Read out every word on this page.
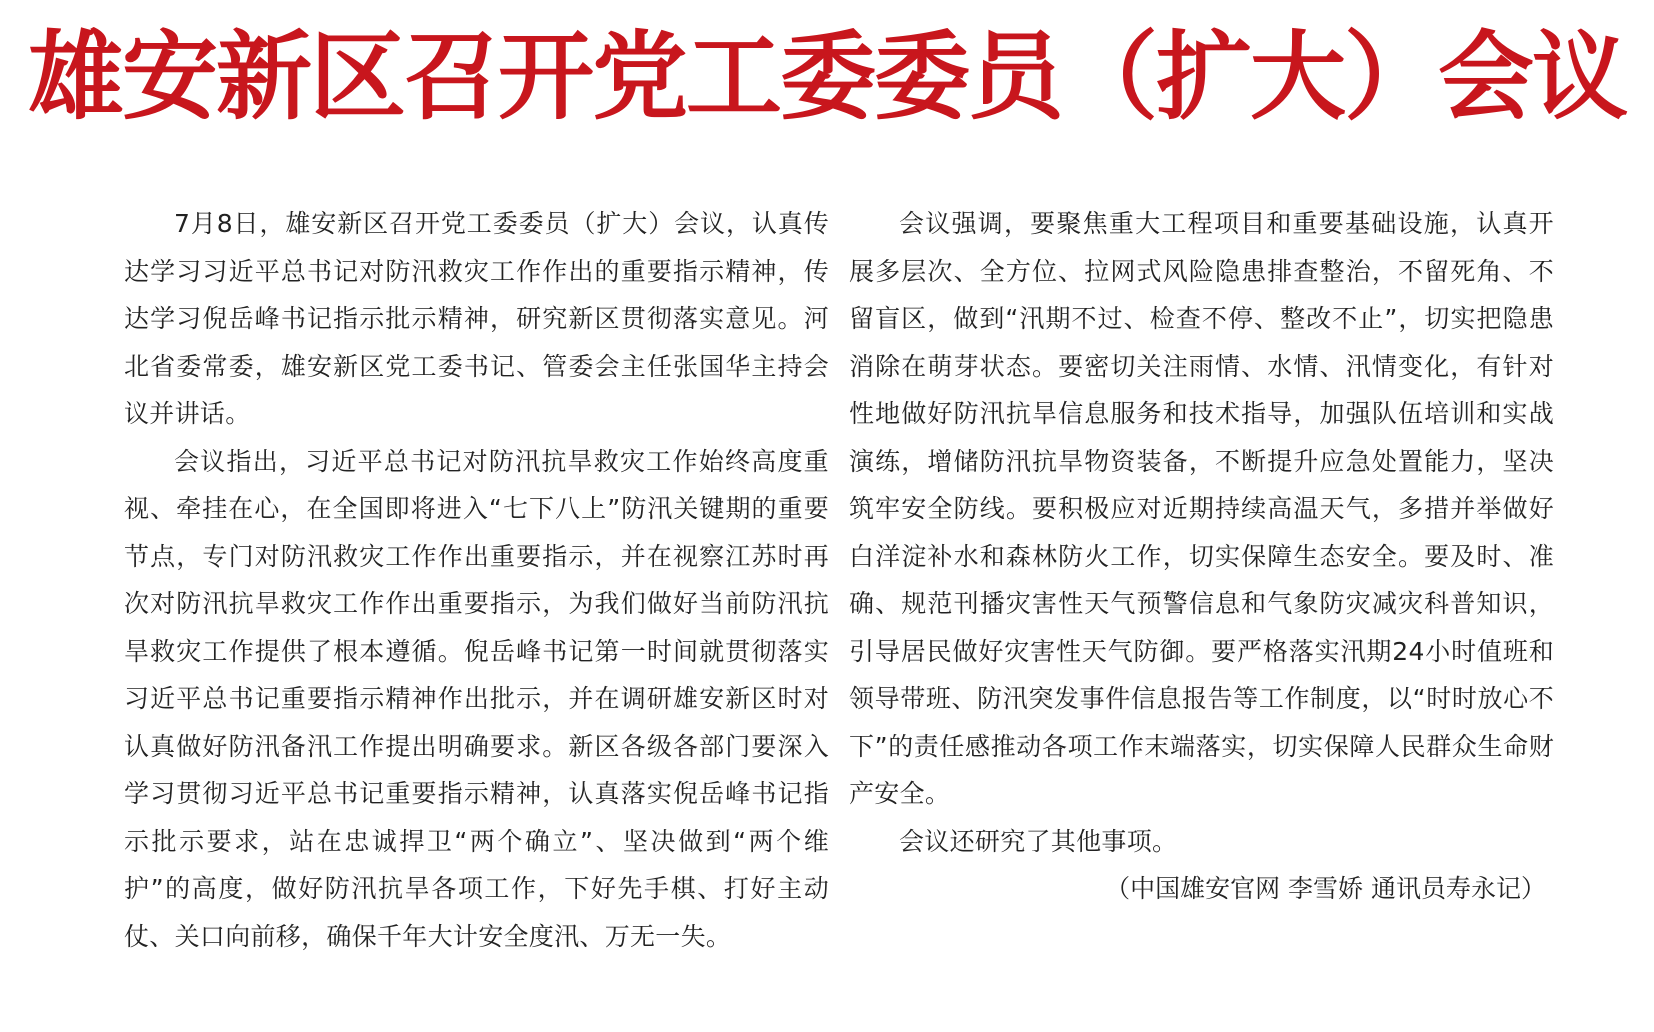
雄安新区召开党工委委员（扩大）会议

7月8日，雄安新区召开党工委委员（扩大）会议，认真传达学习习近平总书记对防汛救灾工作作出的重要指示精神，传达学习倪岳峰书记指示批示精神，研究新区贯彻落实意见。河北省委常委，雄安新区党工委书记、管委会主任张国华主持会议并讲话。

会议指出，习近平总书记对防汛抗旱救灾工作始终高度重视、牵挂在心，在全国即将进入“七下八上”防汛关键期的重要节点，专门对防汛救灾工作作出重要指示，并在视察江苏时再次对防汛抗旱救灾工作作出重要指示，为我们做好当前防汛抗旱救灾工作提供了根本遵循。倪岳峰书记第一时间就贯彻落实习近平总书记重要指示精神作出批示，并在调研雄安新区时对认真做好防汛备汛工作提出明确要求。新区各级各部门要深入学习贯彻习近平总书记重要指示精神，认真落实倪岳峰书记指示批示要求，站在忠诚捍卫“两个确立”、坚决做到“两个维护”的高度，做好防汛抗旱各项工作，下好先手棋、打好主动仗、关口向前移，确保千年大计安全度汛、万无一失。

会议强调，要聚焦重大工程项目和重要基础设施，认真开展多层次、全方位、拉网式风险隐患排查整治，不留死角、不留盲区，做到“汛期不过、检查不停、整改不止”，切实把隐患消除在萌芽状态。要密切关注雨情、水情、汛情变化，有针对性地做好防汛抗旱信息服务和技术指导，加强队伍培训和实战演练，增储防汛抗旱物资装备，不断提升应急处置能力，坚决筑牢安全防线。要积极应对近期持续高温天气，多措并举做好白洋淀补水和森林防火工作，切实保障生态安全。要及时、准确、规范刊播灾害性天气预警信息和气象防灾减灾科普知识，引导居民做好灾害性天气防御。要严格落实汛期24小时值班和领导带班、防汛突发事件信息报告等工作制度，以“时时放心不下”的责任感推动各项工作末端落实，切实保障人民群众生命财产安全。

会议还研究了其他事项。

（中国雄安官网 李雪娇 通讯员寿永记）
